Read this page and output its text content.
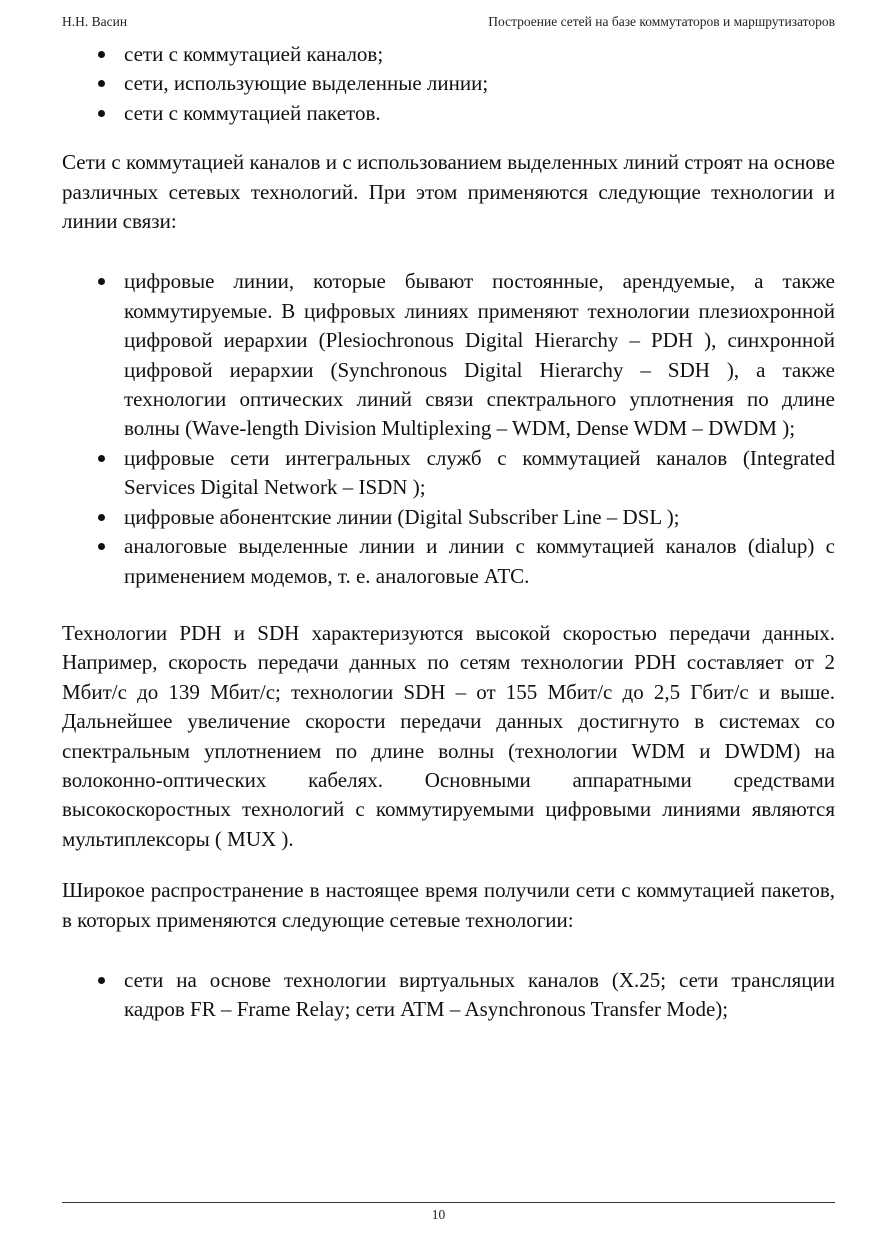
Н.Н. Васин	Построение сетей на базе коммутаторов и маршрутизаторов
сети с коммутацией каналов;
сети, использующие выделенные линии;
сети с коммутацией пакетов.

Сети с коммутацией каналов и с использованием выделенных линий строят на основе различных сетевых технологий. При этом применяются следующие технологии и линии связи:

цифровые линии, которые бывают постоянные, арендуемые, а также коммутируемые. В цифровых линиях применяют технологии плезиохронной цифровой иерархии (Plesiochronous Digital Hierarchy – PDH ), синхронной цифровой иерархии (Synchronous Digital Hierarchy – SDH ), а также технологии оптических линий связи спектрального уплотнения по длине волны (Wave-length Division Multiplexing – WDM, Dense WDM – DWDM );
цифровые сети интегральных служб с коммутацией каналов (Integrated Services Digital Network – ISDN );
цифровые абонентские линии (Digital Subscriber Line – DSL );
аналоговые выделенные линии и линии с коммутацией каналов (dialup) с применением модемов, т. е. аналоговые АТС.

Технологии PDH и SDH характеризуются высокой скоростью передачи данных. Например, скорость передачи данных по сетям технологии PDH составляет от 2 Мбит/с до 139 Мбит/с; технологии SDH – от 155 Мбит/с до 2,5 Гбит/с и выше. Дальнейшее увеличение скорости передачи данных достигнуто в системах со спектральным уплотнением по длине волны (технологии WDM и DWDM) на волоконно-оптических кабелях. Основными аппаратными средствами высокоскоростных технологий с коммутируемыми цифровыми линиями являются мультиплексоры ( MUX ).

Широкое распространение в настоящее время получили сети с коммутацией пакетов, в которых применяются следующие сетевые технологии:

сети на основе технологии виртуальных каналов (X.25; сети трансляции кадров FR – Frame Relay; сети ATM – Asynchronous Transfer Mode);
10
